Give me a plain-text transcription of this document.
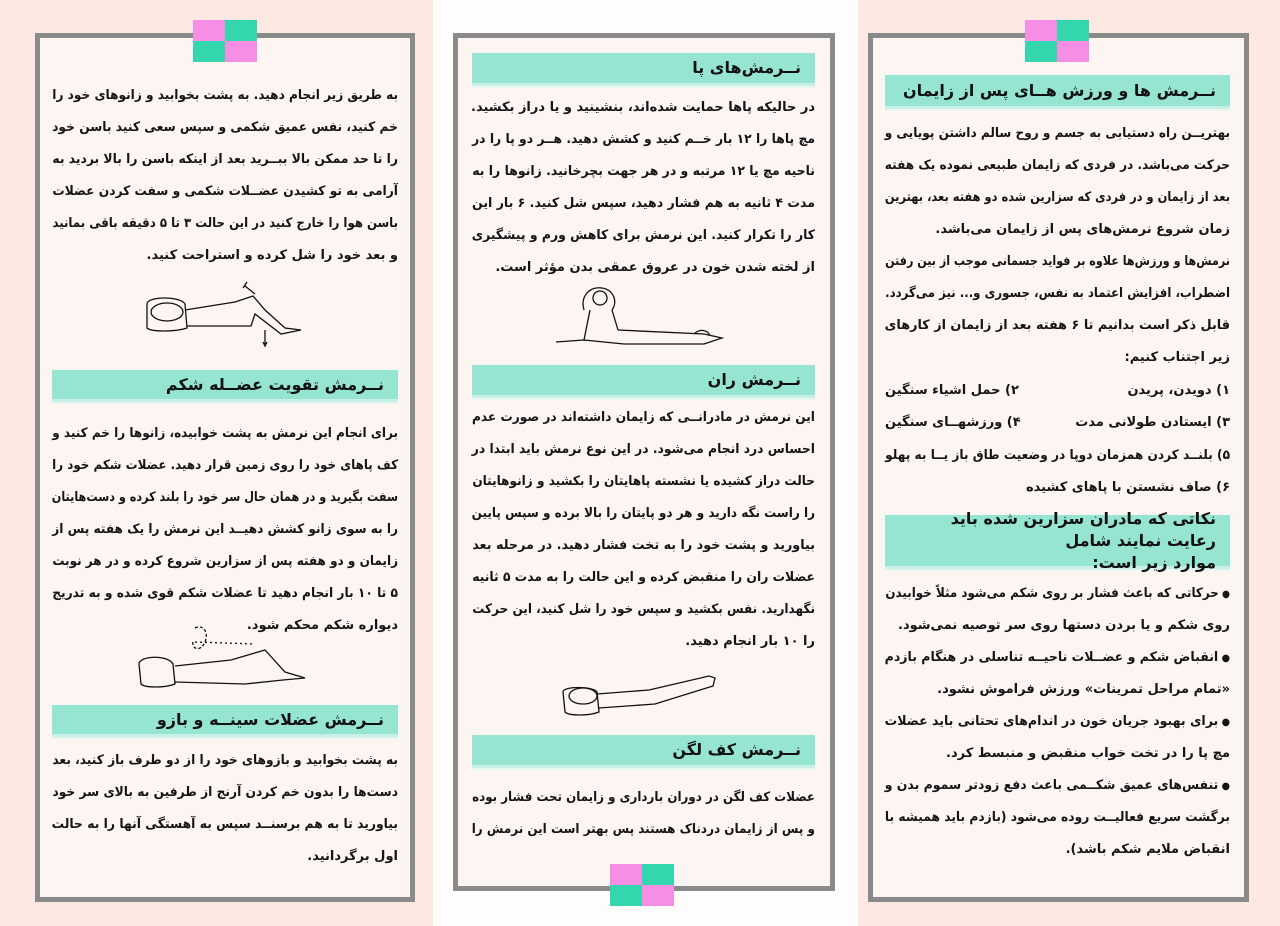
نــرمش ها و ورزش هــای پس از زایمان
بهتریــن راه دستیابی به جسم و روح سالم داشتن پویایی و
حرکت می‌باشد. در فردی که زایمان طبیعی نموده یک هفته
بعد از زایمان و در فردی که سزارین شده دو هفته بعد، بهترین
زمان شروع نرمش‌های پس از زایمان می‌باشد.
نرمش‌ها و ورزش‌ها علاوه بر فواید جسمانی موجب از بین رفتن
اضطراب، افزایش اعتماد به نفس، جسوری و... نیز می‌گردد.
قابل ذکر است بدانیم تا ۶ هفته بعد از زایمان از کارهای
زیر اجتناب کنیم:
۱) دویدن، پریدن
۲) حمل اشیاء سنگین
۳) ایستادن طولانی مدت
۴) ورزشهــای سنگین
۵) بلنــد کردن همزمان دوپا در وضعیت طاق باز یــا به پهلو
۶) صاف نشستن با پاهای کشیده
نکاتی که مادران سزارین شده باید رعایت نمایند شامل
موارد زیر است:
● حرکاتی که باعث فشار بر روی شکم می‌شود مثلاً خوابیدن
روی شکم و یا بردن دستها روی سر توصیه نمی‌شود.
● انقباض شکم و عضــلات ناحیــه تناسلی در هنگام بازدم
«تمام مراحل تمرینات» ورزش فراموش نشود.
● برای بهبود جریان خون در اندام‌های تحتانی باید عضلات
مچ پا را در تخت خواب منقبض و منبسط کرد.
● تنفس‌های عمیق شکــمی باعث دفع زودتر سموم بدن و
برگشت سریع فعالیــت روده می‌شود (بازدم باید همیشه با
انقباض ملایم شکم باشد).
نــرمش‌های پا
در حالیکه پاها حمایت شده‌اند، بنشینید و یا دراز بکشید.
مچ پاها را ۱۲ بار خــم کنید و کشش دهید. هــر دو پا را در
ناحیه مچ یا ۱۲ مرتبه و در هر جهت بچرخانید. زانوها را به
مدت ۴ ثانیه به هم فشار دهید، سپس شل کنید. ۶ بار این
کار را تکرار کنید. این نرمش برای کاهش ورم و پیشگیری
از لخته شدن خون در عروق عمقی بدن مؤثر است.
نــرمش ران
این نرمش در مادرانــی که زایمان داشته‌اند در صورت عدم
احساس درد انجام می‌شود. در این نوع نرمش باید ابتدا در
حالت دراز کشیده یا نشسته پاهایتان را بکشید و زانوهایتان
را راست نگه دارید و هر دو پایتان را بالا برده و سپس پایین
بیاورید و پشت خود را به تخت فشار دهید. در مرحله بعد
عضلات ران را منقبض کرده و این حالت را به مدت ۵ ثانیه
نگهدارید. نفس بکشید و سپس خود را شل کنید، این حرکت
را ۱۰ بار انجام دهید.
نــرمش کف لگن
عضلات کف لگن در دوران بارداری و زایمان تحت فشار بوده
و پس از زایمان دردناک هستند پس بهتر است این نرمش را
به طریق زیر انجام دهید. به پشت بخوابید و زانوهای خود را
خم کنید، نفس عمیق شکمی و سپس سعی کنید باسن خود
را تا حد ممکن بالا ببــرید بعد از اینکه باسن را بالا بردید به
آرامی به تو کشیدن عضــلات شکمی و سفت کردن عضلات
باسن هوا را خارج کنید در این حالت ۳ تا ۵ دقیقه باقی بمانید
و بعد خود را شل کرده و استراحت کنید.
نــرمش تقویت عضــله شکم
برای انجام این نرمش به پشت خوابیده، زانوها را خم کنید و
کف پاهای خود را روی زمین قرار دهید. عضلات شکم خود را
سفت بگیرید و در همان حال سر خود را بلند کرده و دست‌هایتان
را به سوی زانو کشش دهیــد این نرمش را یک هفته پس از
زایمان و دو هفته پس از سزارین شروع کرده و در هر نوبت
۵ تا ۱۰ بار انجام دهید تا عضلات شکم قوی شده و به تدریج
دیواره شکم محکم شود.
نــرمش عضلات سینــه و بازو
به پشت بخوابید و بازوهای خود را از دو طرف باز کنید، بعد
دست‌ها را بدون خم کردن آرنج از طرفین به بالای سر خود
بیاورید تا به هم برسنــد سپس به آهستگی آنها را به حالت
اول برگردانید.
